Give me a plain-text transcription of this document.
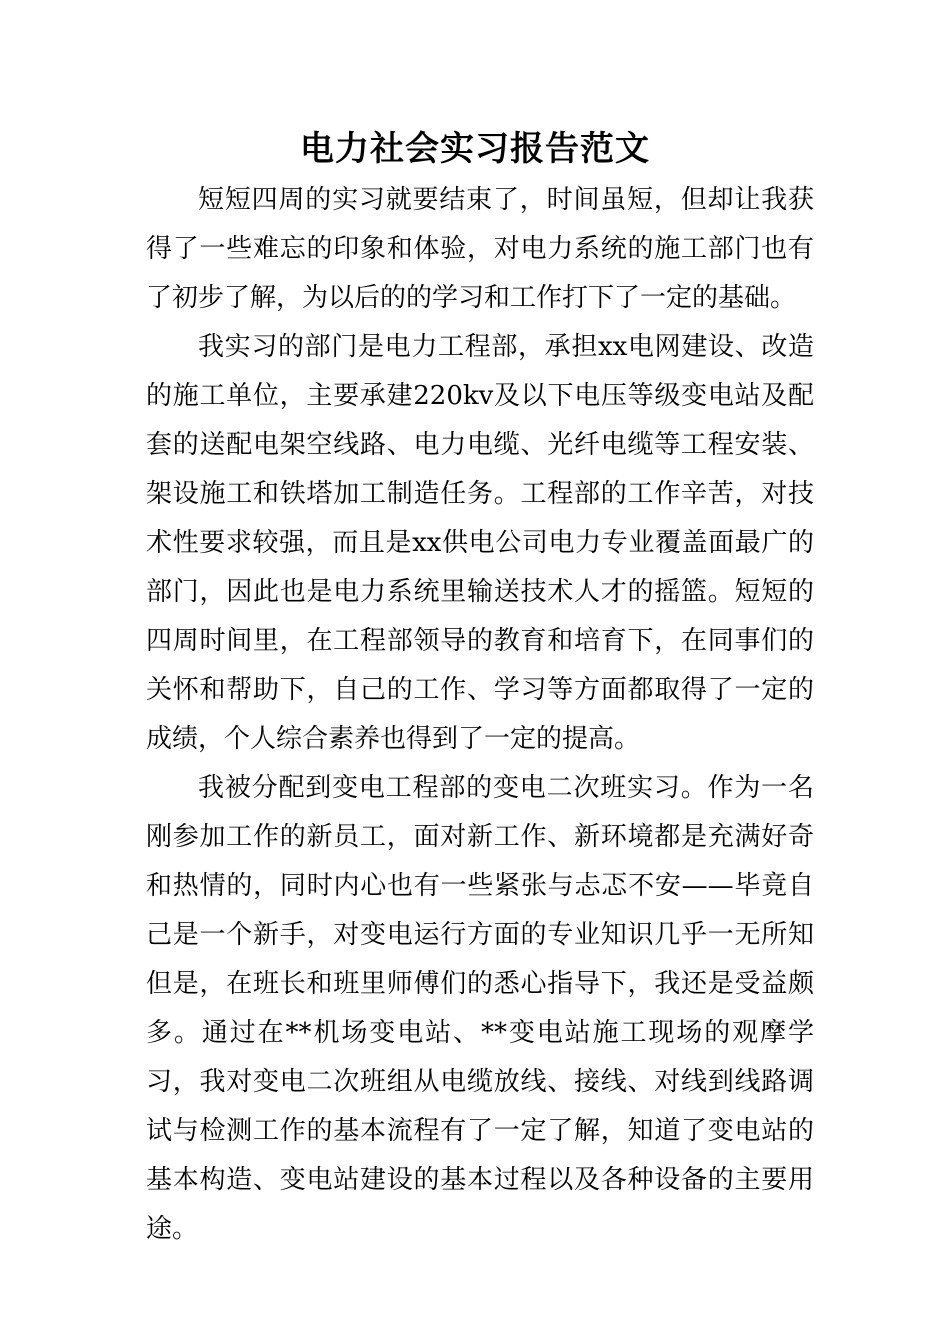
电力社会实习报告范文

短短四周的实习就要结束了，时间虽短，但却让我获得了一些难忘的印象和体验，对电力系统的施工部门也有了初步了解，为以后的的学习和工作打下了一定的基础。

我实习的部门是电力工程部，承担xx电网建设、改造的施工单位，主要承建220kv及以下电压等级变电站及配套的送配电架空线路、电力电缆、光纤电缆等工程安装、架设施工和铁塔加工制造任务。工程部的工作辛苦，对技术性要求较强，而且是xx供电公司电力专业覆盖面最广的部门，因此也是电力系统里输送技术人才的摇篮。短短的四周时间里，在工程部领导的教育和培育下，在同事们的关怀和帮助下，自己的工作、学习等方面都取得了一定的成绩，个人综合素养也得到了一定的提高。

我被分配到变电工程部的变电二次班实习。作为一名刚参加工作的新员工，面对新工作、新环境都是充满好奇和热情的，同时内心也有一些紧张与忐忑不安——毕竟自己是一个新手，对变电运行方面的专业知识几乎一无所知但是，在班长和班里师傅们的悉心指导下，我还是受益颇多。通过在**机场变电站、**变电站施工现场的观摩学习，我对变电二次班组从电缆放线、接线、对线到线路调试与检测工作的基本流程有了一定了解，知道了变电站的基本构造、变电站建设的基本过程以及各种设备的主要用途。
